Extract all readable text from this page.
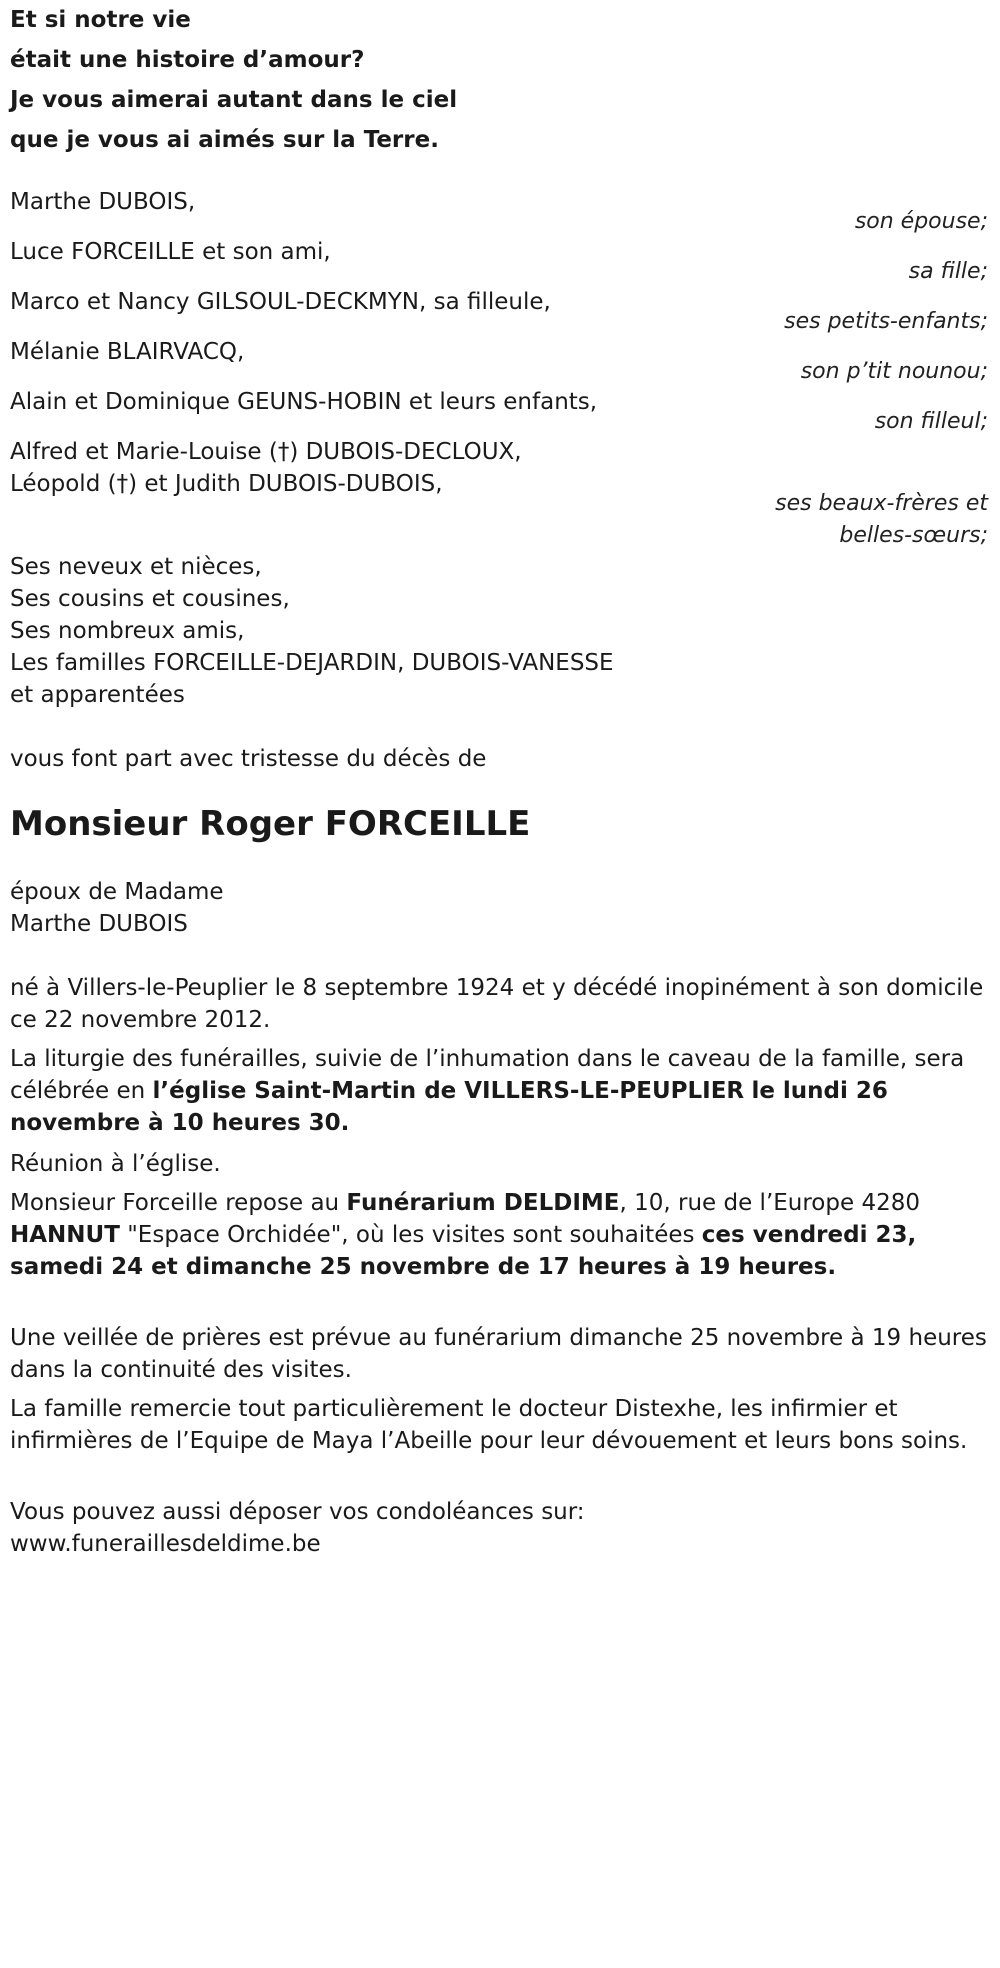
Et si notre vie

était une histoire d’amour?

Je vous aimerai autant dans le ciel

que je vous ai aimés sur la Terre.

Marthe DUBOIS,

son épouse;

Luce FORCEILLE et son ami,

sa fille;

Marco et Nancy GILSOUL-DECKMYN, sa filleule,

ses petits-enfants;

Mélanie BLAIRVACQ,

son p’tit nounou;

Alain et Dominique GEUNS-HOBIN et leurs enfants,

son filleul;

Alfred et Marie-Louise (†) DUBOIS-DECLOUX,

Léopold (†) et Judith DUBOIS-DUBOIS,

ses beaux-frères et

belles-sœurs;

Ses neveux et nièces,

Ses cousins et cousines,

Ses nombreux amis,

Les familles FORCEILLE-DEJARDIN, DUBOIS-VANESSE

et apparentées

vous font part avec tristesse du décès de

Monsieur Roger FORCEILLE

époux de Madame

Marthe DUBOIS

né à Villers-le-Peuplier le 8 septembre 1924 et y décédé inopinément à son domicile ce 22 novembre 2012.

La liturgie des funérailles, suivie de l’inhumation dans le caveau de la famille, sera célébrée en l’église Saint-Martin de VILLERS-LE-PEUPLIER le lundi 26 novembre à 10 heures 30.

Réunion à l’église.

Monsieur Forceille repose au Funérarium DELDIME, 10, rue de l’Europe 4280 HANNUT "Espace Orchidée", où les visites sont souhaitées ces vendredi 23, samedi 24 et dimanche 25 novembre de 17 heures à 19 heures.

Une veillée de prières est prévue au funérarium dimanche 25 novembre à 19 heures dans la continuité des visites.

La famille remercie tout particulièrement le docteur Distexhe, les infirmier et infirmières de l’Equipe de Maya l’Abeille pour leur dévouement et leurs bons soins.

Vous pouvez aussi déposer vos condoléances sur:

www.funeraillesdeldime.be
